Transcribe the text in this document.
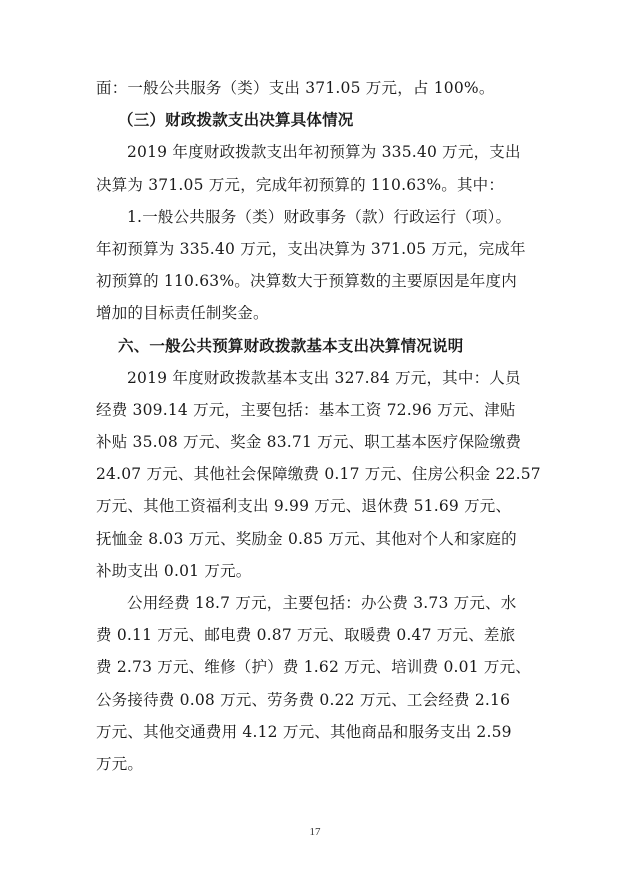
面：一般公共服务（类）支出 371.05 万元，占 100%。
（三）财政拨款支出决算具体情况
2019 年度财政拨款支出年初预算为 335.40 万元，支出
决算为 371.05 万元，完成年初预算的 110.63%。其中：
1.一般公共服务（类）财政事务（款）行政运行（项）。
年初预算为 335.40 万元，支出决算为 371.05 万元，完成年
初预算的 110.63%。决算数大于预算数的主要原因是年度内
增加的目标责任制奖金。
六、一般公共预算财政拨款基本支出决算情况说明
2019 年度财政拨款基本支出 327.84 万元，其中：人员
经费 309.14 万元，主要包括：基本工资 72.96 万元、津贴
补贴 35.08 万元、奖金 83.71 万元、职工基本医疗保险缴费
24.07 万元、其他社会保障缴费 0.17 万元、住房公积金 22.57
万元、其他工资福利支出 9.99 万元、退休费 51.69 万元、
抚恤金 8.03 万元、奖励金 0.85 万元、其他对个人和家庭的
补助支出 0.01 万元。
公用经费 18.7 万元，主要包括：办公费 3.73 万元、水
费 0.11 万元、邮电费 0.87 万元、取暖费 0.47 万元、差旅
费 2.73 万元、维修（护）费 1.62 万元、培训费 0.01 万元、
公务接待费 0.08 万元、劳务费 0.22 万元、工会经费 2.16
万元、其他交通费用 4.12 万元、其他商品和服务支出 2.59
万元。
17
